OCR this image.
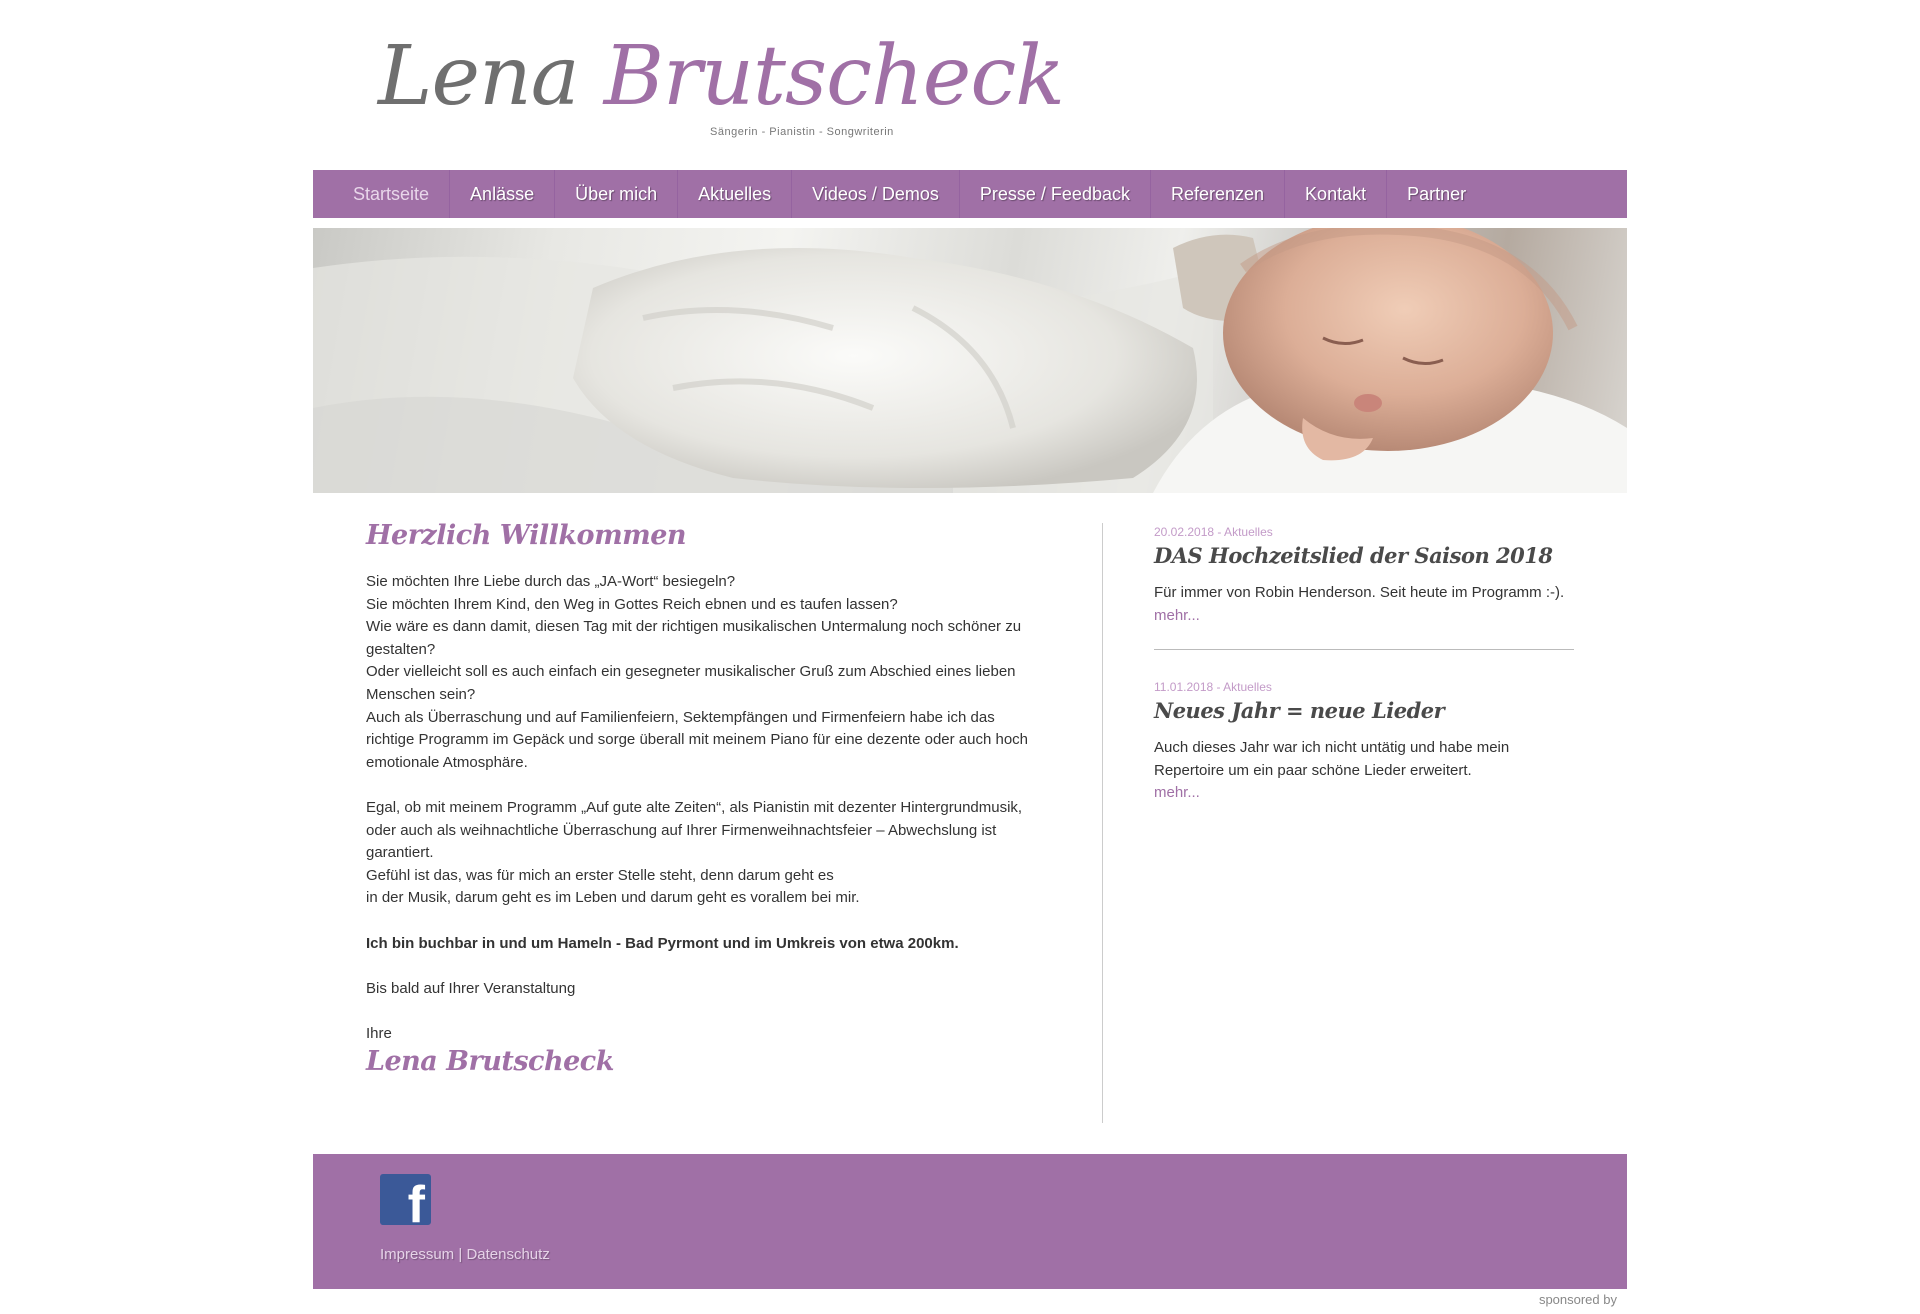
Lena Brutscheck
Sängerin - Pianistin - Songwriterin
Startseite	Anlässe	Über mich	Aktuelles	Videos / Demos	Presse / Feedback	Referenzen	Kontakt	Partner
Herzlich Willkommen
Sie möchten Ihre Liebe durch das „JA-Wort“ besiegeln?
Sie möchten Ihrem Kind, den Weg in Gottes Reich ebnen und es taufen lassen?
Wie wäre es dann damit, diesen Tag mit der richtigen musikalischen Untermalung noch schöner zu gestalten?
Oder vielleicht soll es auch einfach ein gesegneter musikalischer Gruß zum Abschied eines lieben Menschen sein?
Auch als Überraschung und auf Familienfeiern, Sektempfängen und Firmenfeiern habe ich das richtige Programm im Gepäck und sorge überall mit meinem Piano für eine dezente oder auch hoch emotionale Atmosphäre.
Egal, ob mit meinem Programm „Auf gute alte Zeiten“, als Pianistin mit dezenter Hintergrundmusik, oder auch als weihnachtliche Überraschung auf Ihrer Firmenweihnachtsfeier – Abwechslung ist garantiert.
Gefühl ist das, was für mich an erster Stelle steht, denn darum geht es
in der Musik, darum geht es im Leben und darum geht es vorallem bei mir.
Ich bin buchbar in und um Hameln - Bad Pyrmont und im Umkreis von etwa 200km.
Bis bald auf Ihrer Veranstaltung
Ihre
Lena Brutscheck
20.02.2018 - Aktuelles
DAS Hochzeitslied der Saison 2018
Für immer von Robin Henderson. Seit heute im Programm :-).
mehr...
11.01.2018 - Aktuelles
Neues Jahr = neue Lieder
Auch dieses Jahr war ich nicht untätig und habe mein Repertoire um ein paar schöne Lieder erweitert.
mehr...
f
Impressum | Datenschutz
sponsored by
